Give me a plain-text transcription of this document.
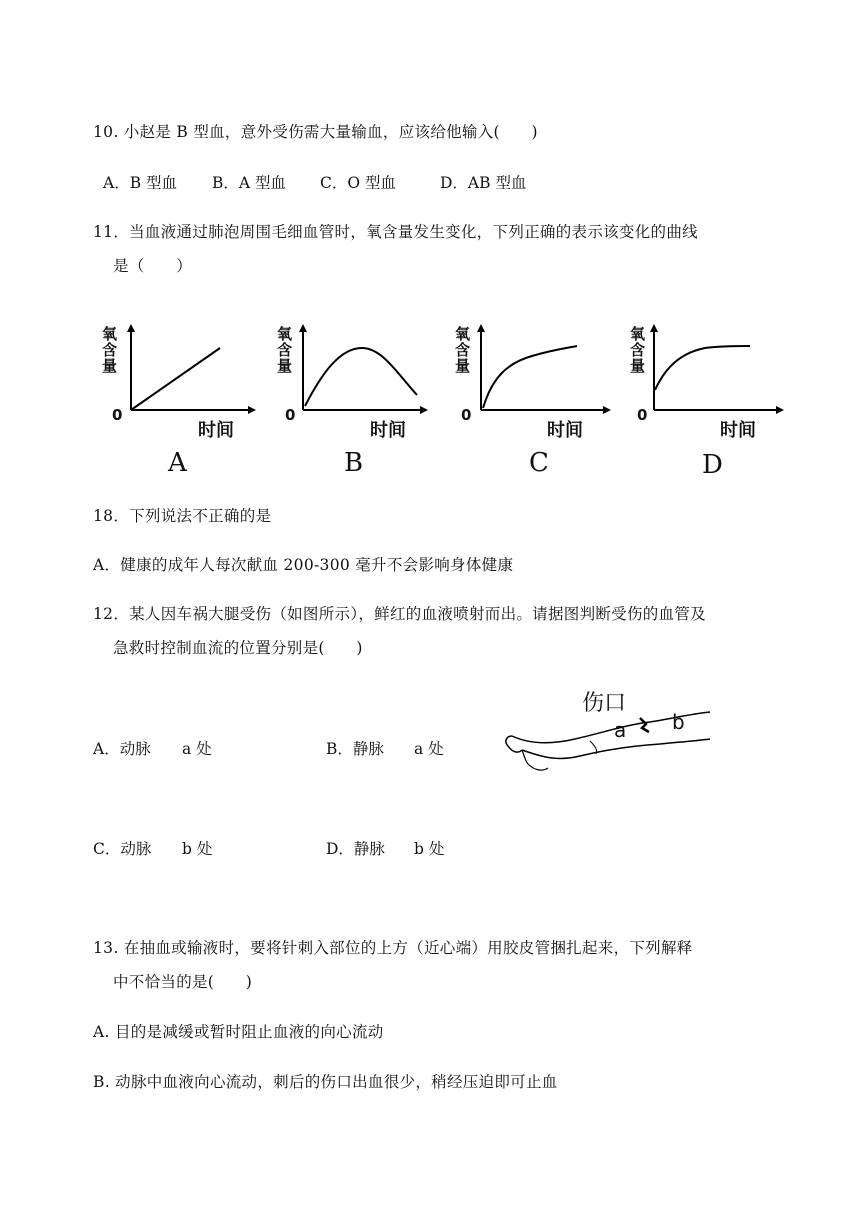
10. 小赵是 B 型血，意外受伤需大量输血，应该给他输入(　　)
A．B 型血 B．A 型血 C．O 型血	D．AB 型血
11．当血液通过肺泡周围毛细血管时，氧含量发生变化，下列正确的表示该变化的曲线
是（　　）
氧含量
0
时间
A
氧含量
0
时间
B
氧含量
0
时间
C
氧含量
0
时间
D
18．下列说法不正确的是
A．健康的成年人每次献血 200-300 毫升不会影响身体健康
12．某人因车祸大腿受伤（如图所示），鲜红的血液喷射而出。请据图判断受伤的血管及
急救时控制血流的位置分别是(　　)
A．动脉 a 处	B．静脉 a 处
C．动脉 b 处	D．静脉 b 处
伤口
a b
13. 在抽血或输液时，要将针刺入部位的上方（近心端）用胶皮管捆扎起来，下列解释
中不恰当的是(　　)
A. 目的是减缓或暂时阻止血液的向心流动
B. 动脉中血液向心流动，刺后的伤口出血很少，稍经压迫即可止血
